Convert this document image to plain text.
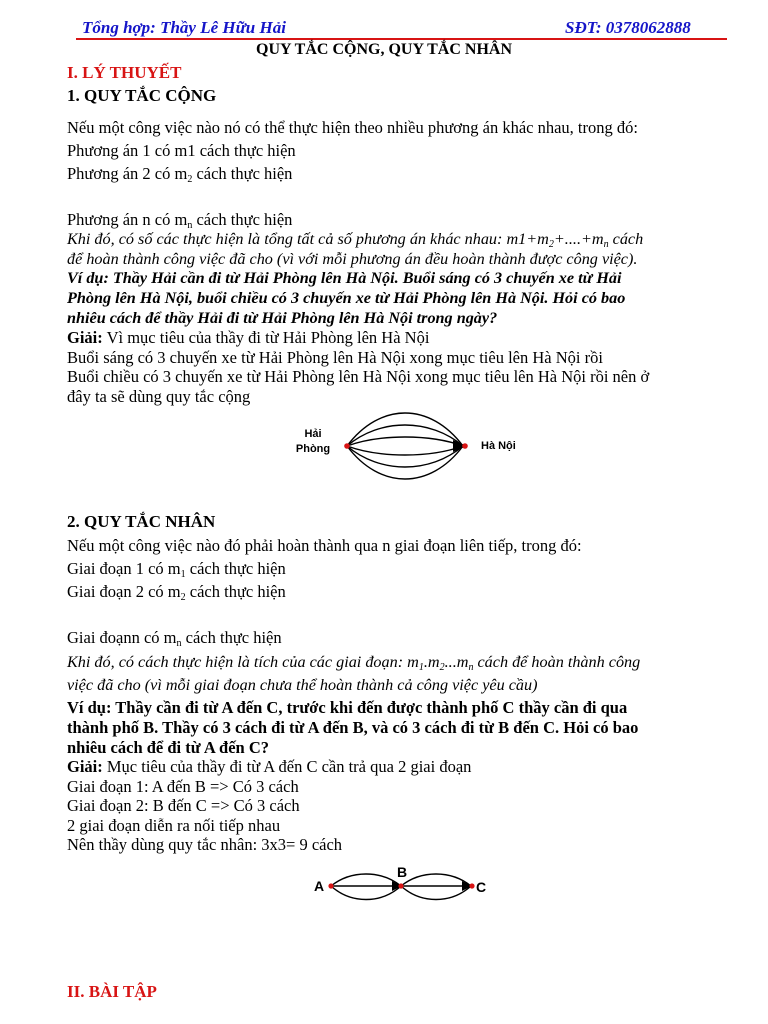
Tổng hợp: Thầy Lê Hữu Hải	SĐT: 0378062888
QUY TẮC CỘNG, QUY TẮC NHÂN
I. LÝ THUYẾT
1. QUY TẮC CỘNG
Nếu một công việc nào nó có thể thực hiện theo nhiều phương án khác nhau, trong đó:
Phương án 1 có m1 cách thực hiện
Phương án 2 có $m_2$ cách thực hiện
Phương án n có $m_n$ cách thực hiện
Khi đó, có số các thực hiện là tổng tất cả số phương án khác nhau: $m1+m_2+....+m_n$ cách
để hoàn thành công việc đã cho (vì với mỗi phương án đều hoàn thành được công việc).
Ví dụ: Thầy Hải cần đi từ Hải Phòng lên Hà Nội. Buổi sáng có 3 chuyến xe từ Hải
Phòng lên Hà Nội, buổi chiều có 3 chuyến xe từ Hải Phòng lên Hà Nội. Hỏi có bao
nhiêu cách để thầy Hải đi từ Hải Phòng lên Hà Nội trong ngày?
Giải: Vì mục tiêu của thầy đi từ Hải Phòng lên Hà Nội
Buổi sáng có 3 chuyến xe từ Hải Phòng lên Hà Nội xong mục tiêu lên Hà Nội rồi
Buổi chiều có 3 chuyến xe từ Hải Phòng lên Hà Nội xong mục tiêu lên Hà Nội rồi nên ở
đây ta sẽ dùng quy tắc cộng
Hải
Phòng	Hà Nội
2. QUY TẮC NHÂN
Nếu một công việc nào đó phải hoàn thành qua n giai đoạn liên tiếp, trong đó:
Giai đoạn 1 có $m_1$ cách thực hiện
Giai đoạn 2 có $m_2$ cách thực hiện
Giai đoạnn có $m_n$ cách thực hiện
Khi đó, có cách thực hiện là tích của các giai đoạn: $m_1.m_2...m_n$ cách để hoàn thành công
việc đã cho (vì mỗi giai đoạn chưa thể hoàn thành cả công việc yêu cầu)
Ví dụ: Thầy cần đi từ A đến C, trước khi đến được thành phố C thầy cần đi qua
thành phố B. Thầy có 3 cách đi từ A đến B, và có 3 cách đi từ B đến C. Hỏi có bao
nhiêu cách để đi từ A đến C?
Giải: Mục tiêu của thầy đi từ A đến C cần trả qua 2 giai đoạn
Giai đoạn 1: A đến B => Có 3 cách
Giai đoạn 2: B đến C => Có 3 cách
2 giai đoạn diễn ra nối tiếp nhau
Nên thầy dùng quy tắc nhân: 3x3= 9 cách
A
B
C
II. BÀI TẬP
